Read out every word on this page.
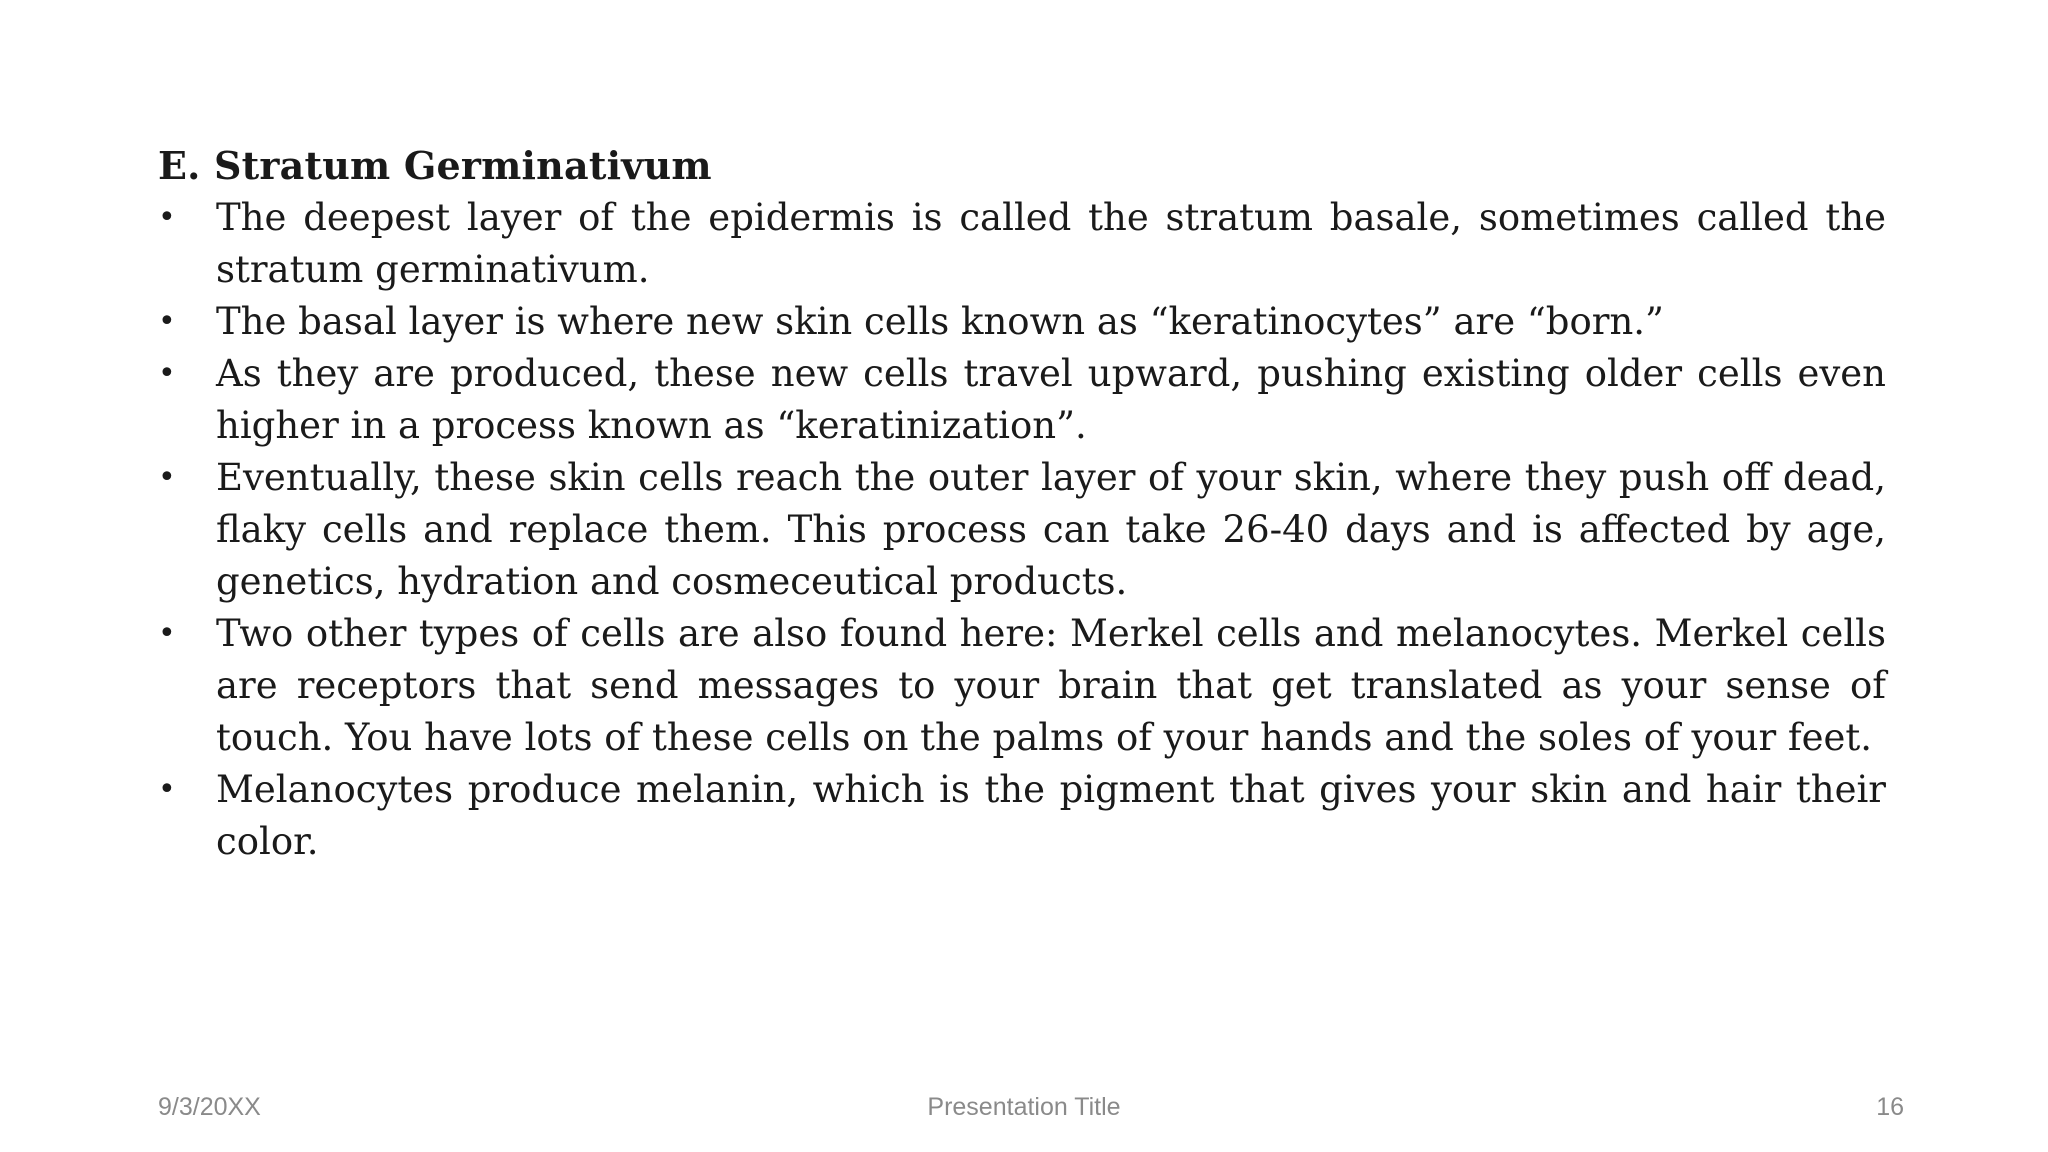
E. Stratum Germinativum
• The deepest layer of the epidermis is called the stratum basale, sometimes called the stratum germinativum.
• The basal layer is where new skin cells known as “keratinocytes” are “born.”
• As they are produced, these new cells travel upward, pushing existing older cells even higher in a process known as “keratinization”.
• Eventually, these skin cells reach the outer layer of your skin, where they push off dead, flaky cells and replace them. This process can take 26-40 days and is affected by age, genetics, hydration and cosmeceutical products.
• Two other types of cells are also found here: Merkel cells and melanocytes. Merkel cells are receptors that send messages to your brain that get translated as your sense of touch. You have lots of these cells on the palms of your hands and the soles of your feet.
• Melanocytes produce melanin, which is the pigment that gives your skin and hair their color.
9/3/20XX	Presentation Title	16
